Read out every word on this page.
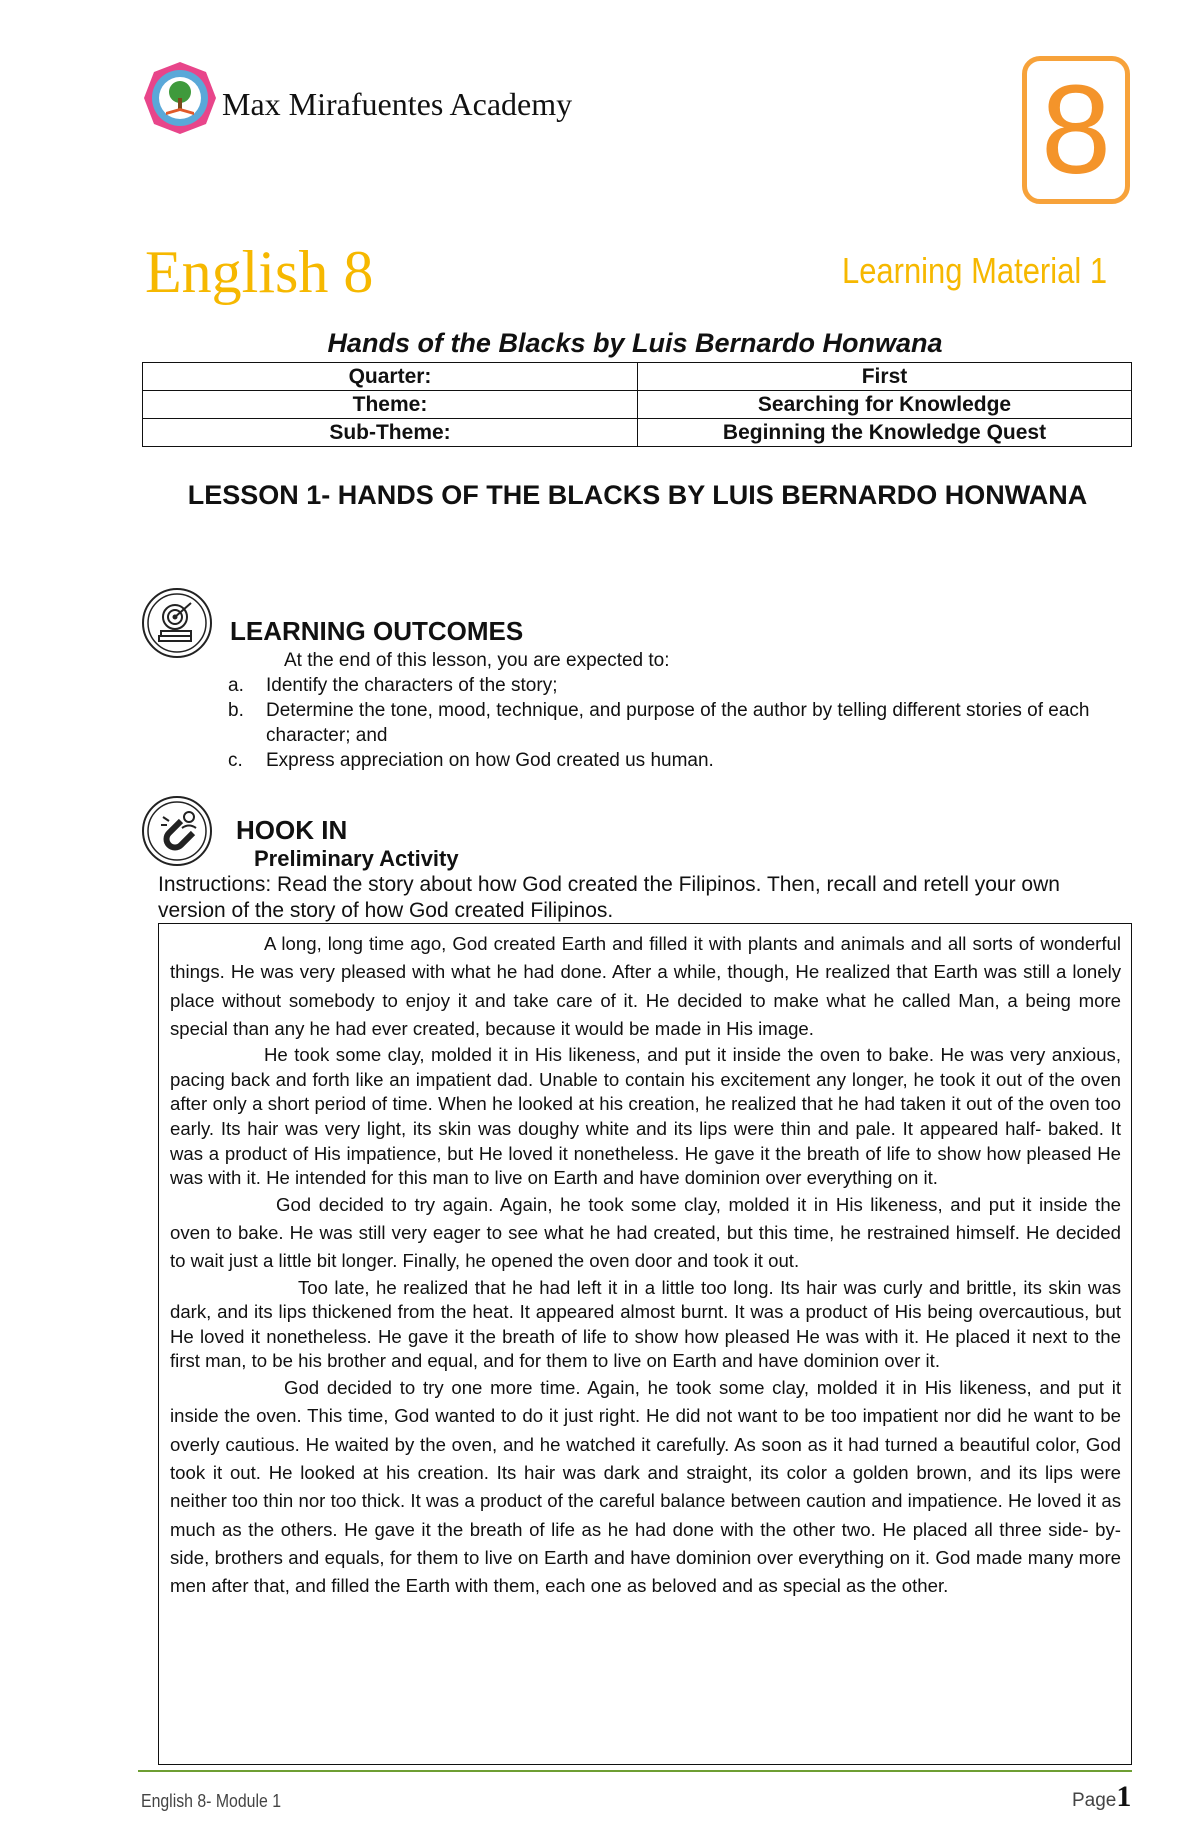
Max Mirafuentes Academy	8
English 8	Learning Material 1
Hands of the Blacks by Luis Bernardo Honwana
Quarter:	First
Theme:	Searching for Knowledge
Sub-Theme:	Beginning the Knowledge Quest
LESSON 1- HANDS OF THE BLACKS BY LUIS BERNARDO HONWANA
LEARNING OUTCOMES
At the end of this lesson, you are expected to:
a.	Identify the characters of the story;
b.	Determine the tone, mood, technique, and purpose of the author by telling different stories of each character; and
c.	Express appreciation on how God created us human.
HOOK IN
Preliminary Activity
Instructions: Read the story about how God created the Filipinos. Then, recall and retell your own version of the story of how God created Filipinos.

A long, long time ago, God created Earth and filled it with plants and animals and all sorts of wonderful things. He was very pleased with what he had done. After a while, though, He realized that Earth was still a lonely place without somebody to enjoy it and take care of it. He decided to make what he called Man, a being more special than any he had ever created, because it would be made in His image.

He took some clay, molded it in His likeness, and put it inside the oven to bake. He was very anxious, pacing back and forth like an impatient dad. Unable to contain his excitement any longer, he took it out of the oven after only a short period of time. When he looked at his creation, he realized that he had taken it out of the oven too early. Its hair was very light, its skin was doughy white and its lips were thin and pale. It appeared half- baked. It was a product of His impatience, but He loved it nonetheless. He gave it the breath of life to show how pleased He was with it. He intended for this man to live on Earth and have dominion over everything on it.

God decided to try again. Again, he took some clay, molded it in His likeness, and put it inside the oven to bake. He was still very eager to see what he had created, but this time, he restrained himself. He decided to wait just a little bit longer. Finally, he opened the oven door and took it out.

Too late, he realized that he had left it in a little too long. Its hair was curly and brittle, its skin was dark, and its lips thickened from the heat. It appeared almost burnt. It was a product of His being overcautious, but He loved it nonetheless. He gave it the breath of life to show how pleased He was with it. He placed it next to the first man, to be his brother and equal, and for them to live on Earth and have dominion over it.

God decided to try one more time. Again, he took some clay, molded it in His likeness, and put it inside the oven. This time, God wanted to do it just right. He did not want to be too impatient nor did he want to be overly cautious. He waited by the oven, and he watched it carefully. As soon as it had turned a beautiful color, God took it out. He looked at his creation. Its hair was dark and straight, its color a golden brown, and its lips were neither too thin nor too thick. It was a product of the careful balance between caution and impatience. He loved it as much as the others. He gave it the breath of life as he had done with the other two. He placed all three side- by-side, brothers and equals, for them to live on Earth and have dominion over everything on it. God made many more men after that, and filled the Earth with them, each one as beloved and as special as the other.

English 8- Module 1	Page1
